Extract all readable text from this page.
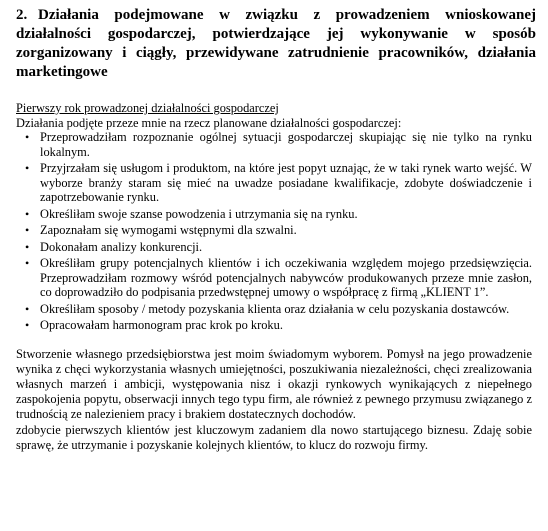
2. Działania podejmowane w związku z prowadzeniem wnioskowanej działalności gospodarczej, potwierdzające jej wykonywanie w sposób zorganizowany i ciągły, przewidywane zatrudnienie pracowników, działania marketingowe
Pierwszy rok prowadzonej działalności gospodarczej
Działania podjęte przeze mnie na rzecz planowane działalności gospodarczej:
• Przeprowadziłam rozpoznanie ogólnej sytuacji gospodarczej skupiając się nie tylko na rynku lokalnym.
• Przyjrzałam się usługom i produktom, na które jest popyt uznając, że w taki rynek warto wejść. W wyborze branży staram się mieć na uwadze posiadane kwalifikacje, zdobyte doświadczenie i zapotrzebowanie rynku.
• Określiłam swoje szanse powodzenia i utrzymania się na rynku.
• Zapoznałam się wymogami wstępnymi dla szwalni.
• Dokonałam analizy konkurencji.
• Określiłam grupy potencjalnych klientów i ich oczekiwania względem mojego przedsięwzięcia. Przeprowadziłam rozmowy wśród potencjalnych nabywców produkowanych przeze mnie zasłon, co doprowadziło do podpisania przedwstępnej umowy o współpracę z firmą „KLIENT 1”.
• Określiłam sposoby / metody pozyskania klienta oraz działania w celu pozyskania dostawców.
• Opracowałam harmonogram prac krok po kroku.

Stworzenie własnego przedsiębiorstwa jest moim świadomym wyborem. Pomysł na jego prowadzenie wynika z chęci wykorzystania własnych umiejętności, poszukiwania niezależności, chęci zrealizowania własnych marzeń i ambicji, występowania nisz i okazji rynkowych wynikających z niepełnego zaspokojenia popytu, obserwacji innych tego typu firm, ale również z pewnego przymusu związanego z trudnością ze nalezieniem pracy i brakiem dostatecznych dochodów.

zdobycie pierwszych klientów jest kluczowym zadaniem dla nowo startującego biznesu. Zdaję sobie sprawę, że utrzymanie i pozyskanie kolejnych klientów, to klucz do rozwoju firmy.
